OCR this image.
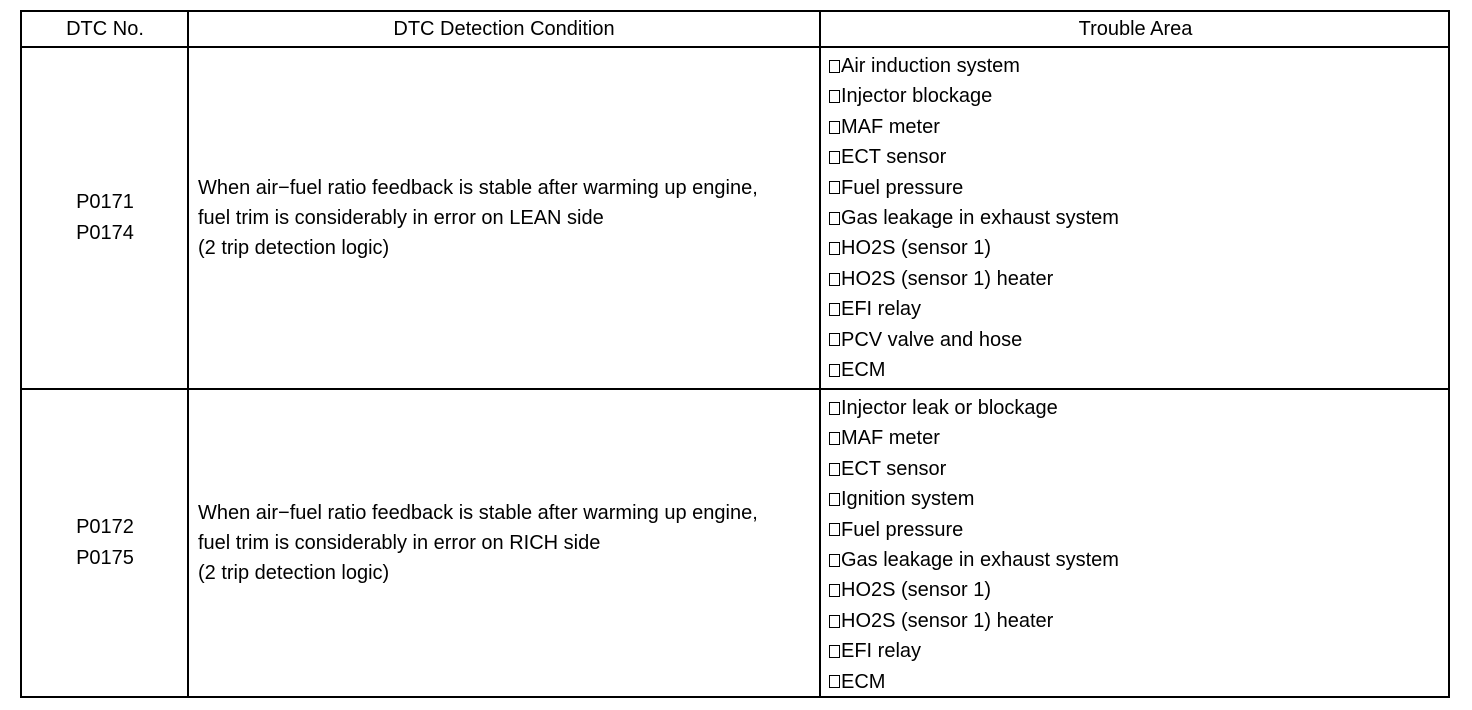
DTC No.	DTC Detection Condition	Trouble Area
P0171
P0174
When air−fuel ratio feedback is stable after warming up engine,
fuel trim is considerably in error on LEAN side
(2 trip detection logic)
Air induction system
Injector blockage
MAF meter
ECT sensor
Fuel pressure
Gas leakage in exhaust system
HO2S (sensor 1)
HO2S (sensor 1) heater
EFI relay
PCV valve and hose
ECM
P0172
P0175
When air−fuel ratio feedback is stable after warming up engine,
fuel trim is considerably in error on RICH side
(2 trip detection logic)
Injector leak or blockage
MAF meter
ECT sensor
Ignition system
Fuel pressure
Gas leakage in exhaust system
HO2S (sensor 1)
HO2S (sensor 1) heater
EFI relay
ECM
